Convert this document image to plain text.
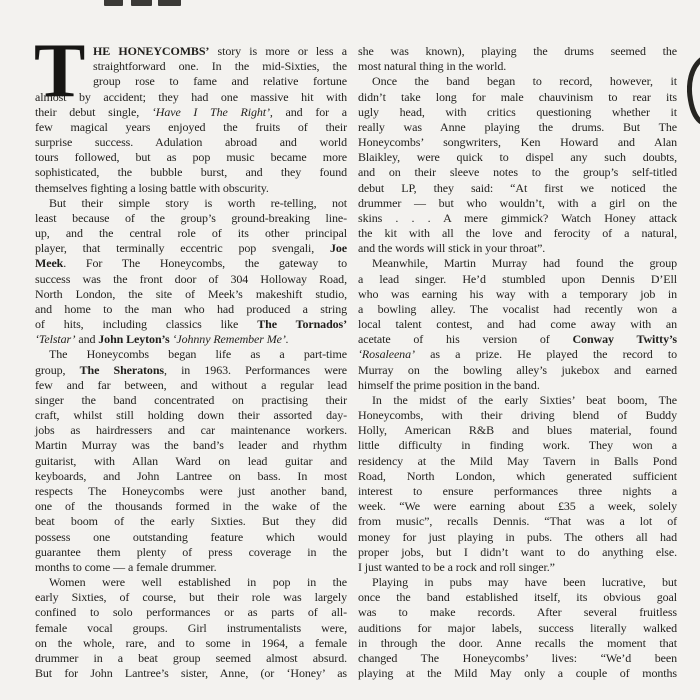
T HE HONEYCOMBS’ story is more or less a
straightforward one. In the mid-Sixties, the
group rose to fame and relative fortune
almost by accident; they had one massive hit with
their debut single, ‘Have I The Right’, and for a
few magical years enjoyed the fruits of their
surprise success. Adulation abroad and world
tours followed, but as pop music became more
sophisticated, the bubble burst, and they found
themselves fighting a losing battle with obscurity.
But their simple story is worth re-telling, not
least because of the group’s ground-breaking line-
up, and the central role of its other principal
player, that terminally eccentric pop svengali, Joe
Meek. For The Honeycombs, the gateway to
success was the front door of 304 Holloway Road,
North London, the site of Meek’s makeshift studio,
and home to the man who had produced a string
of hits, including classics like The Tornados’
‘Telstar’ and John Leyton’s ‘Johnny Remember Me’.
The Honeycombs began life as a part-time
group, The Sheratons, in 1963. Performances were
few and far between, and without a regular lead
singer the band concentrated on practising their
craft, whilst still holding down their assorted day-
jobs as hairdressers and car maintenance workers.
Martin Murray was the band’s leader and rhythm
guitarist, with Allan Ward on lead guitar and
keyboards, and John Lantree on bass. In most
respects The Honeycombs were just another band,
one of the thousands formed in the wake of the
beat boom of the early Sixties. But they did
possess one outstanding feature which would
guarantee them plenty of press coverage in the
months to come — a female drummer.
Women were well established in pop in the
early Sixties, of course, but their role was largely
confined to solo performances or as parts of all-
female vocal groups. Girl instrumentalists were,
on the whole, rare, and to some in 1964, a female
drummer in a beat group seemed almost absurd.
But for John Lantree’s sister, Anne, (or ‘Honey’ as
she was known), playing the drums seemed the
most natural thing in the world.
Once the band began to record, however, it
didn’t take long for male chauvinism to rear its
ugly head, with critics questioning whether it
really was Anne playing the drums. But The
Honeycombs’ songwriters, Ken Howard and Alan
Blaikley, were quick to dispel any such doubts,
and on their sleeve notes to the group’s self-titled
debut LP, they said: “At first we noticed the
drummer — but who wouldn’t, with a girl on the
skins . . . A mere gimmick? Watch Honey attack
the kit with all the love and ferocity of a natural,
and the words will stick in your throat”.
Meanwhile, Martin Murray had found the group
a lead singer. He’d stumbled upon Dennis D’Ell
who was earning his way with a temporary job in
a bowling alley. The vocalist had recently won a
local talent contest, and had come away with an
acetate of his version of Conway Twitty’s
‘Rosaleena’ as a prize. He played the record to
Murray on the bowling alley’s jukebox and earned
himself the prime position in the band.
In the midst of the early Sixties’ beat boom, The
Honeycombs, with their driving blend of Buddy
Holly, American R&B and blues material, found
little difficulty in finding work. They won a
residency at the Mild May Tavern in Balls Pond
Road, North London, which generated sufficient
interest to ensure performances three nights a
week. “We were earning about £35 a week, solely
from music”, recalls Dennis. “That was a lot of
money for just playing in pubs. The others all had
proper jobs, but I didn’t want to do anything else.
I just wanted to be a rock and roll singer.”
Playing in pubs may have been lucrative, but
once the band established itself, its obvious goal
was to make records. After several fruitless
auditions for major labels, success literally walked
in through the door. Anne recalls the moment that
changed The Honeycombs’ lives: “We’d been
playing at the Mild May only a couple of months
